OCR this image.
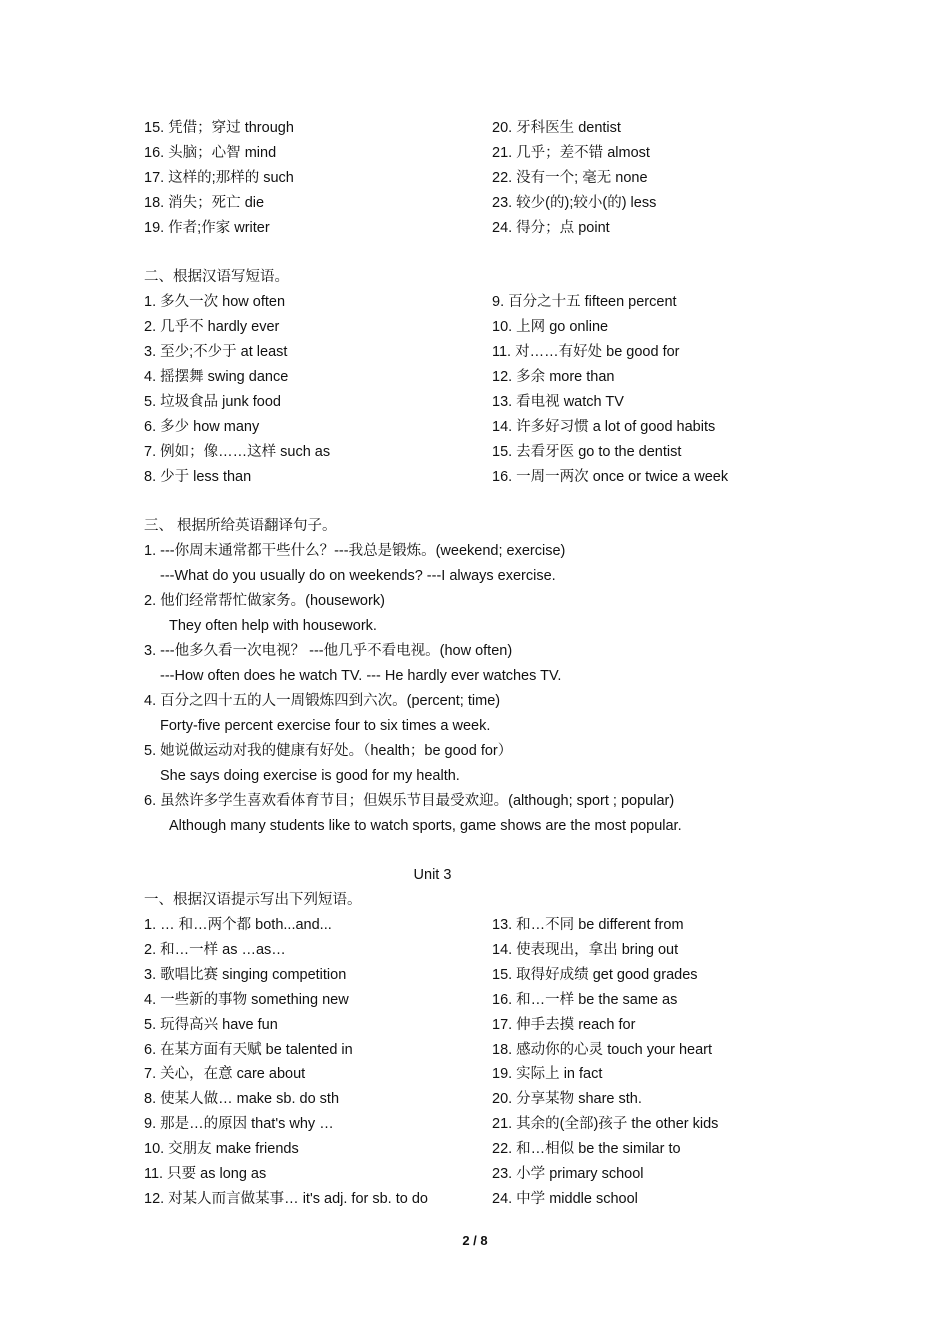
15. 凭借；穿过 through
16. 头脑；心智 mind
17. 这样的;那样的 such
18. 消失；死亡 die
19. 作者;作家 writer
20. 牙科医生 dentist
21. 几乎；差不错 almost
22. 没有一个; 毫无 none
23. 较少(的);较小(的) less
24. 得分；点 point
二、根据汉语写短语。
1. 多久一次 how often
2. 几乎不 hardly ever
3. 至少;不少于 at least
4. 摇摆舞 swing dance
5. 垃圾食品 junk food
6. 多少 how many
7. 例如；像……这样 such as
8. 少于 less than
9. 百分之十五 fifteen percent
10. 上网 go online
11. 对……有好处 be good for
12. 多余 more than
13. 看电视 watch TV
14. 许多好习惯 a lot of good habits
15. 去看牙医 go to the dentist
16. 一周一两次 once or twice a week
三、 根据所给英语翻译句子。
1. ---你周末通常都干些什么？---我总是锻炼。(weekend; exercise)
---What do you usually do on weekends? ---I always exercise.
2. 他们经常帮忙做家务。(housework)
They often help with housework.
3. ---他多久看一次电视？ ---他几乎不看电视。(how often)
---How often does he watch TV. --- He hardly ever watches TV.
4. 百分之四十五的人一周锻炼四到六次。(percent; time)
Forty-five percent exercise four to six times a week.
5. 她说做运动对我的健康有好处。（health；be good for）
She says doing exercise is good for my health.
6. 虽然许多学生喜欢看体育节目；但娱乐节目最受欢迎。(although; sport ; popular)
Although many students like to watch sports, game shows are the most popular.
Unit 3
一、根据汉语提示写出下列短语。
1. … 和…两个都 both...and...
2. 和…一样 as …as…
3. 歌唱比赛 singing competition
4. 一些新的事物 something new
5. 玩得高兴 have fun
6. 在某方面有天赋 be talented in
7. 关心，在意 care about
8. 使某人做… make sb. do sth
9. 那是…的原因 that's why …
10. 交朋友 make friends
11. 只要 as long as
12. 对某人而言做某事… it's adj. for sb. to do
13. 和…不同 be different from
14. 使表现出，拿出 bring out
15. 取得好成绩 get good grades
16. 和…一样 be the same as
17. 伸手去摸 reach for
18. 感动你的心灵 touch your heart
19. 实际上 in fact
20. 分享某物 share sth.
21. 其余的(全部)孩子 the other kids
22. 和…相似 be the similar to
23. 小学 primary school
24. 中学 middle school
2 / 8
